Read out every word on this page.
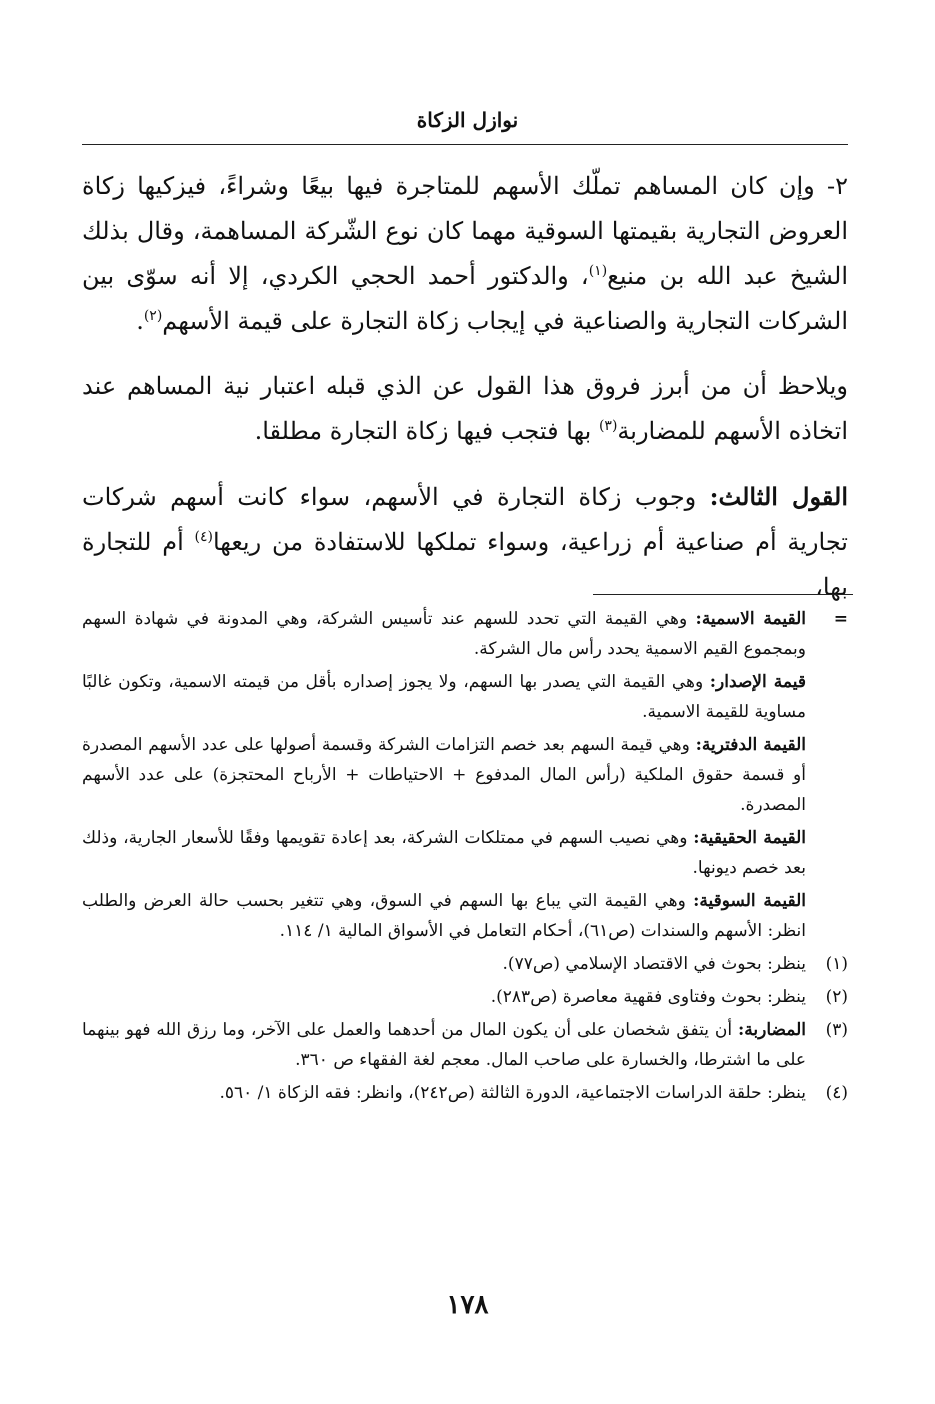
نوازل الزكاة

٢- وإن كان المساهم تملّك الأسهم للمتاجرة فيها بيعًا وشراءً، فيزكيها زكاة العروض التجارية بقيمتها السوقية مهما كان نوع الشّركة المساهمة، وقال بذلك الشيخ عبد الله بن منيع$^{(١)}$، والدكتور أحمد الحجي الكردي، إلا أنه سوّى بين الشركات التجارية والصناعية في إيجاب زكاة التجارة على قيمة الأسهم$^{(٢)}$.

ويلاحظ أن من أبرز فروق هذا القول عن الذي قبله اعتبار نية المساهم عند اتخاذه الأسهم للمضاربة$^{(٣)}$ بها فتجب فيها زكاة التجارة مطلقا.

القول الثالث: وجوب زكاة التجارة في الأسهم، سواء كانت أسهم شركات تجارية أم صناعية أم زراعية، وسواء تملكها للاستفادة من ريعها$^{(٤)}$ أم للتجارة بها،

=

القيمة الاسمية: وهي القيمة التي تحدد للسهم عند تأسيس الشركة، وهي المدونة في شهادة السهم وبمجموع القيم الاسمية يحدد رأس مال الشركة.

قيمة الإصدار: وهي القيمة التي يصدر بها السهم، ولا يجوز إصداره بأقل من قيمته الاسمية، وتكون غالبًا مساوية للقيمة الاسمية.

القيمة الدفترية: وهي قيمة السهم بعد خصم التزامات الشركة وقسمة أصولها على عدد الأسهم المصدرة أو قسمة حقوق الملكية (رأس المال المدفوع + الاحتياطات + الأرباح المحتجزة) على عدد الأسهم المصدرة.

القيمة الحقيقية: وهي نصيب السهم في ممتلكات الشركة، بعد إعادة تقويمها وفقًا للأسعار الجارية، وذلك بعد خصم ديونها.

القيمة السوقية: وهي القيمة التي يباع بها السهم في السوق، وهي تتغير بحسب حالة العرض والطلب انظر: الأسهم والسندات (ص٦١)، أحكام التعامل في الأسواق المالية ١/ ١١٤.

(١)
ينظر: بحوث في الاقتصاد الإسلامي (ص٧٧).
(٢)
ينظر: بحوث وفتاوى فقهية معاصرة (ص٢٨٣).
(٣)
المضاربة: أن يتفق شخصان على أن يكون المال من أحدهما والعمل على الآخر، وما رزق الله فهو بينهما على ما اشترطا، والخسارة على صاحب المال. معجم لغة الفقهاء ص ٣٦٠.
(٤)
ينظر: حلقة الدراسات الاجتماعية، الدورة الثالثة (ص٢٤٢)، وانظر: فقه الزكاة ١/ ٥٦٠.
١٧٨
